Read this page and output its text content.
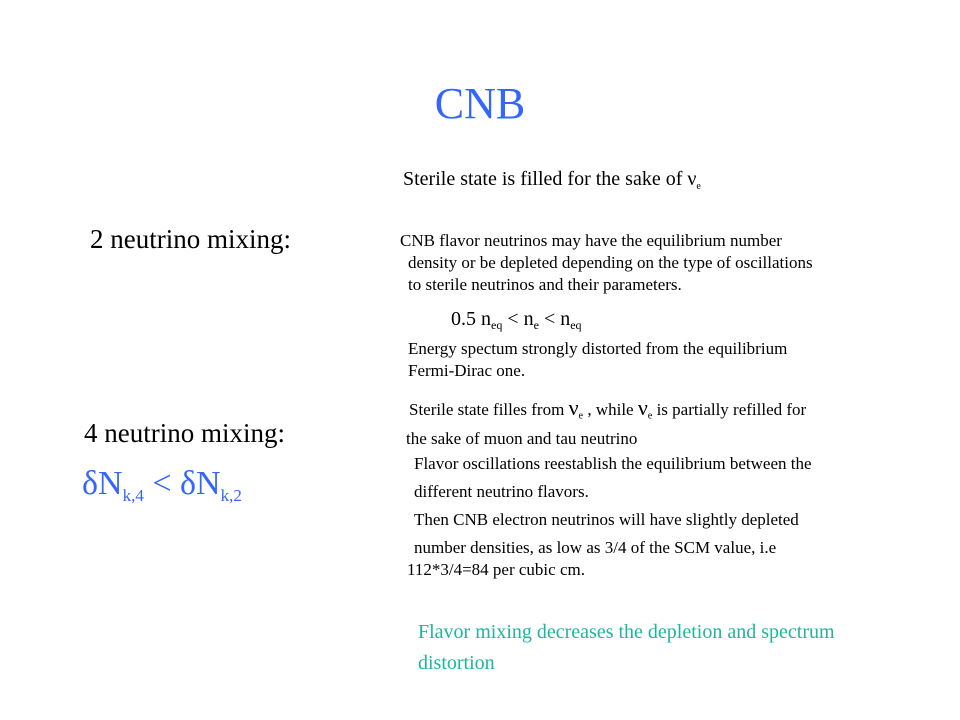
CNB
Sterile state is filled for the sake of $\nu_e$
2 neutrino mixing:	CNB flavor neutrinos may have the equilibrium number
density or be depleted depending on the type of oscillations
to sterile neutrinos and their parameters.
0.5 $n_{eq} < n_e < n_{eq}$
Energy spectum strongly distorted from the equilibrium
Fermi-Dirac one.
Sterile state filles from $\nu_e$ , while $\nu_e$ is partially refilled for
the sake of muon and tau neutrino
4 neutrino mixing:
δNk,4 < δNk,2
Flavor oscillations reestablish the equilibrium between the
different neutrino flavors.
Then CNB electron neutrinos will have slightly depleted
number densities, as low as 3/4 of the SCM value, i.e
112*3/4=84 per cubic cm.
Flavor mixing decreases the depletion and spectrum
distortion
